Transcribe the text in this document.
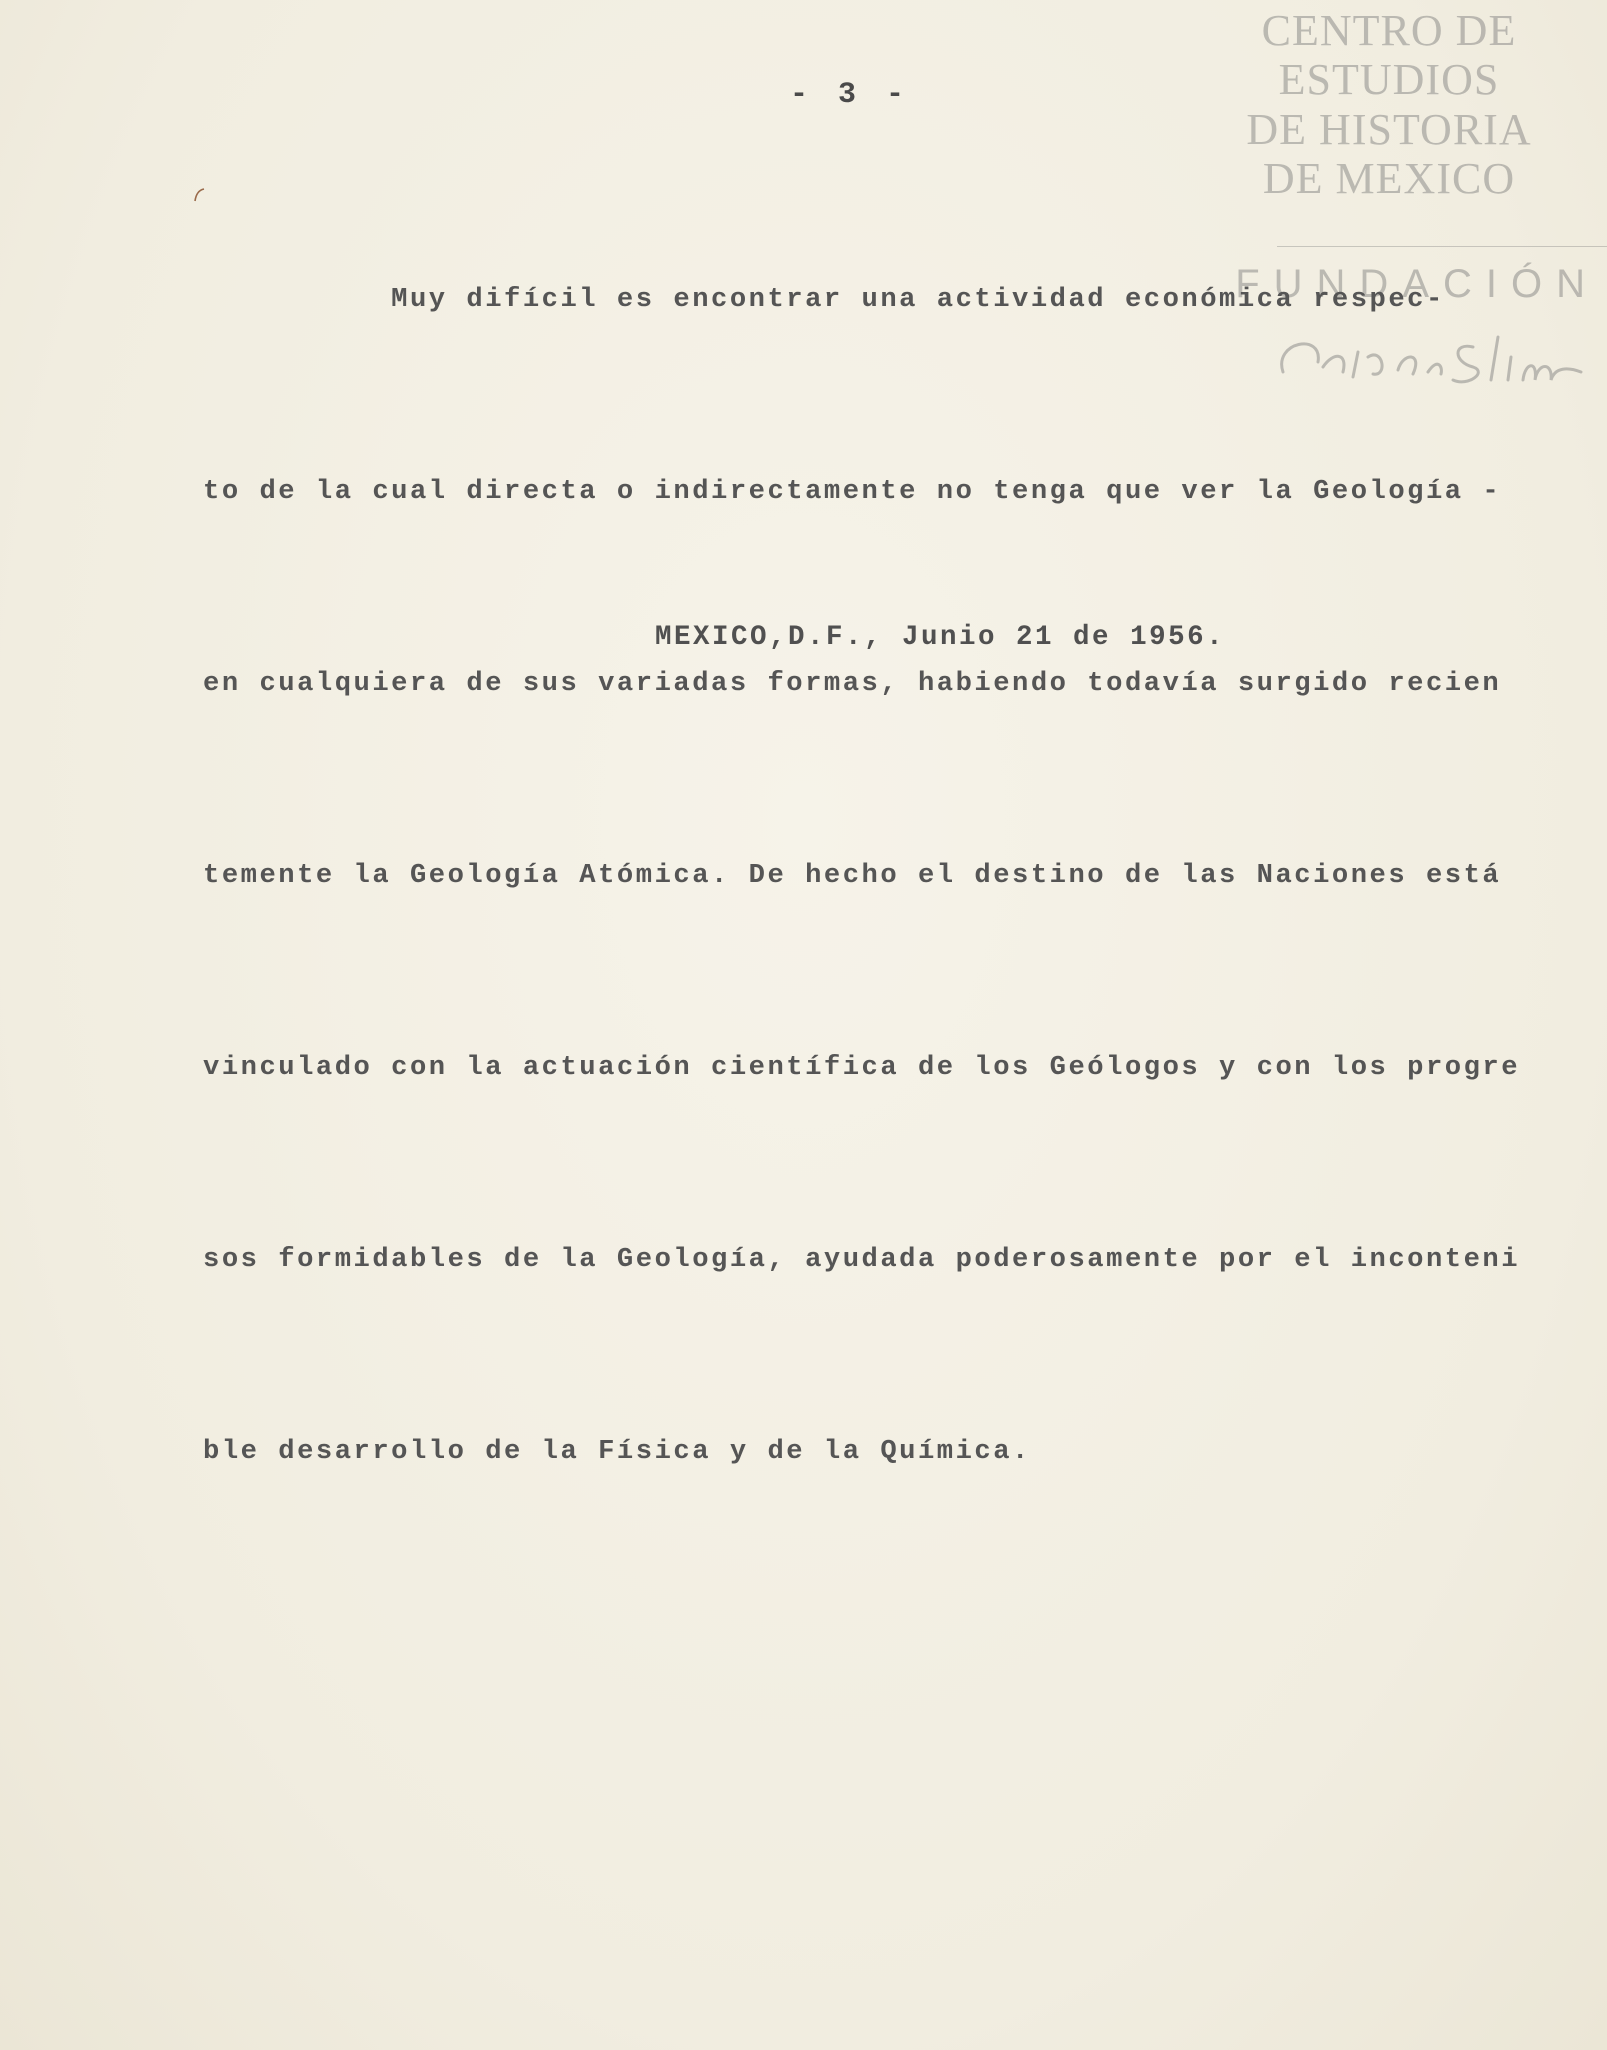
CENTRO DE
ESTUDIOS
DE HISTORIA
DE MEXICO
FUNDACIÓN
- 3 -

Muy difícil es encontrar una actividad económica respec-

to de la cual directa o indirectamente no tenga que ver la Geología -

en cualquiera de sus variadas formas, habiendo todavía surgido recien

temente la Geología Atómica. De hecho el destino de las Naciones está

vinculado con la actuación científica de los Geólogos y con los progre

sos formidables de la Geología, ayudada poderosamente por el inconteni

ble desarrollo de la Física y de la Química.

MEXICO,D.F., Junio 21 de 1956.
